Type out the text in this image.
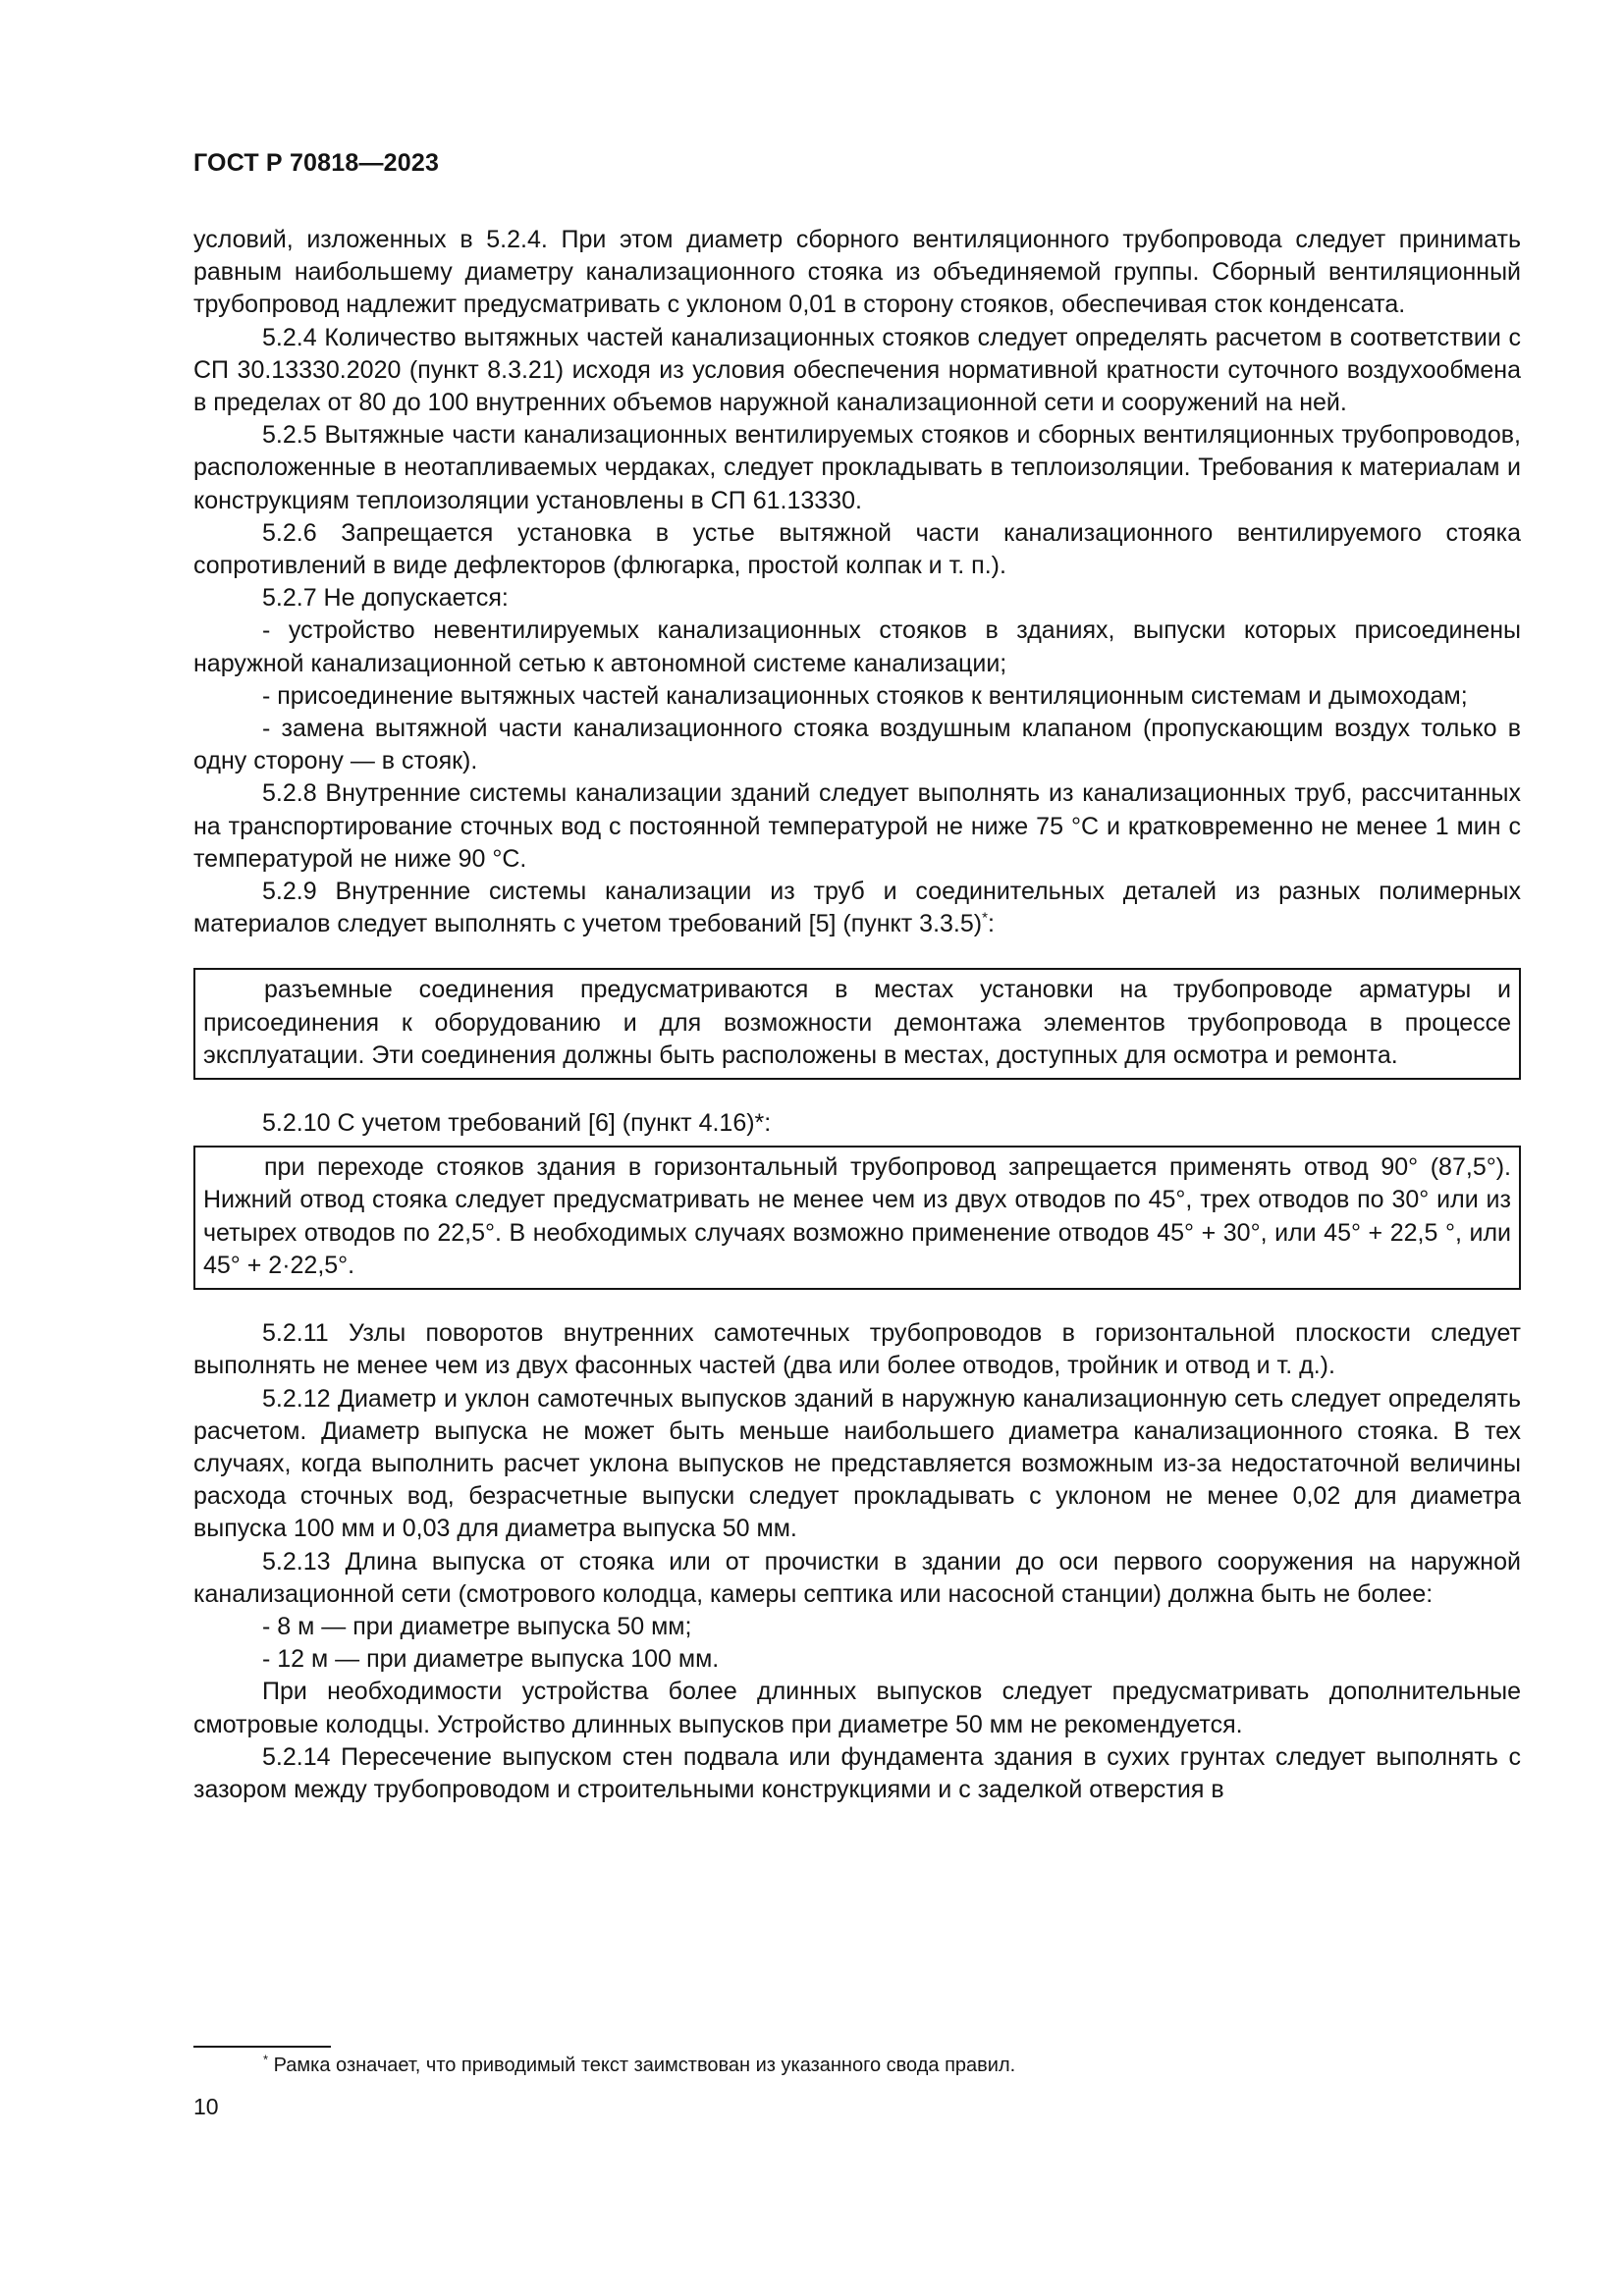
ГОСТ Р 70818—2023

условий, изложенных в 5.2.4. При этом диаметр сборного вентиляционного трубопровода следует принимать равным наибольшему диаметру канализационного стояка из объединяемой группы. Сборный вентиляционный трубопровод надлежит предусматривать с уклоном 0,01 в сторону стояков, обеспечивая сток конденсата.

5.2.4 Количество вытяжных частей канализационных стояков следует определять расчетом в соответствии с СП 30.13330.2020 (пункт 8.3.21) исходя из условия обеспечения нормативной кратности суточного воздухообмена в пределах от 80 до 100 внутренних объемов наружной канализационной сети и сооружений на ней.

5.2.5 Вытяжные части канализационных вентилируемых стояков и сборных вентиляционных трубопроводов, расположенные в неотапливаемых чердаках, следует прокладывать в теплоизоляции. Требования к материалам и конструкциям теплоизоляции установлены в СП 61.13330.

5.2.6 Запрещается установка в устье вытяжной части канализационного вентилируемого стояка сопротивлений в виде дефлекторов (флюгарка, простой колпак и т. п.).

5.2.7 Не допускается:

- устройство невентилируемых канализационных стояков в зданиях, выпуски которых присоединены наружной канализационной сетью к автономной системе канализации;

- присоединение вытяжных частей канализационных стояков к вентиляционным системам и дымоходам;

- замена вытяжной части канализационного стояка воздушным клапаном (пропускающим воздух только в одну сторону — в стояк).

5.2.8 Внутренние системы канализации зданий следует выполнять из канализационных труб, рассчитанных на транспортирование сточных вод с постоянной температурой не ниже 75 °С и кратковременно не менее 1 мин с температурой не ниже 90 °С.

5.2.9 Внутренние системы канализации из труб и соединительных деталей из разных полимерных материалов следует выполнять с учетом требований [5] (пункт 3.3.5)*:

разъемные соединения предусматриваются в местах установки на трубопроводе арматуры и присоединения к оборудованию и для возможности демонтажа элементов трубопровода в процессе эксплуатации. Эти соединения должны быть расположены в местах, доступных для осмотра и ремонта.

5.2.10 С учетом требований [6] (пункт 4.16)*:

при переходе стояков здания в горизонтальный трубопровод запрещается применять отвод 90° (87,5°). Нижний отвод стояка следует предусматривать не менее чем из двух отводов по 45°, трех отводов по 30° или из четырех отводов по 22,5°. В необходимых случаях возможно применение отводов 45° + 30°, или 45° + 22,5 °, или 45° + 2·22,5°.

5.2.11 Узлы поворотов внутренних самотечных трубопроводов в горизонтальной плоскости следует выполнять не менее чем из двух фасонных частей (два или более отводов, тройник и отвод и т. д.).

5.2.12 Диаметр и уклон самотечных выпусков зданий в наружную канализационную сеть следует определять расчетом. Диаметр выпуска не может быть меньше наибольшего диаметра канализационного стояка. В тех случаях, когда выполнить расчет уклона выпусков не представляется возможным из-за недостаточной величины расхода сточных вод, безрасчетные выпуски следует прокладывать с уклоном не менее 0,02 для диаметра выпуска 100 мм и 0,03 для диаметра выпуска 50 мм.

5.2.13 Длина выпуска от стояка или от прочистки в здании до оси первого сооружения на наружной канализационной сети (смотрового колодца, камеры септика или насосной станции) должна быть не более:

- 8 м — при диаметре выпуска 50 мм;

- 12 м — при диаметре выпуска 100 мм.

При необходимости устройства более длинных выпусков следует предусматривать дополнительные смотровые колодцы. Устройство длинных выпусков при диаметре 50 мм не рекомендуется.

5.2.14 Пересечение выпуском стен подвала или фундамента здания в сухих грунтах следует выполнять с зазором между трубопроводом и строительными конструкциями и с заделкой отверстия в

* Рамка означает, что приводимый текст заимствован из указанного свода правил.
10
